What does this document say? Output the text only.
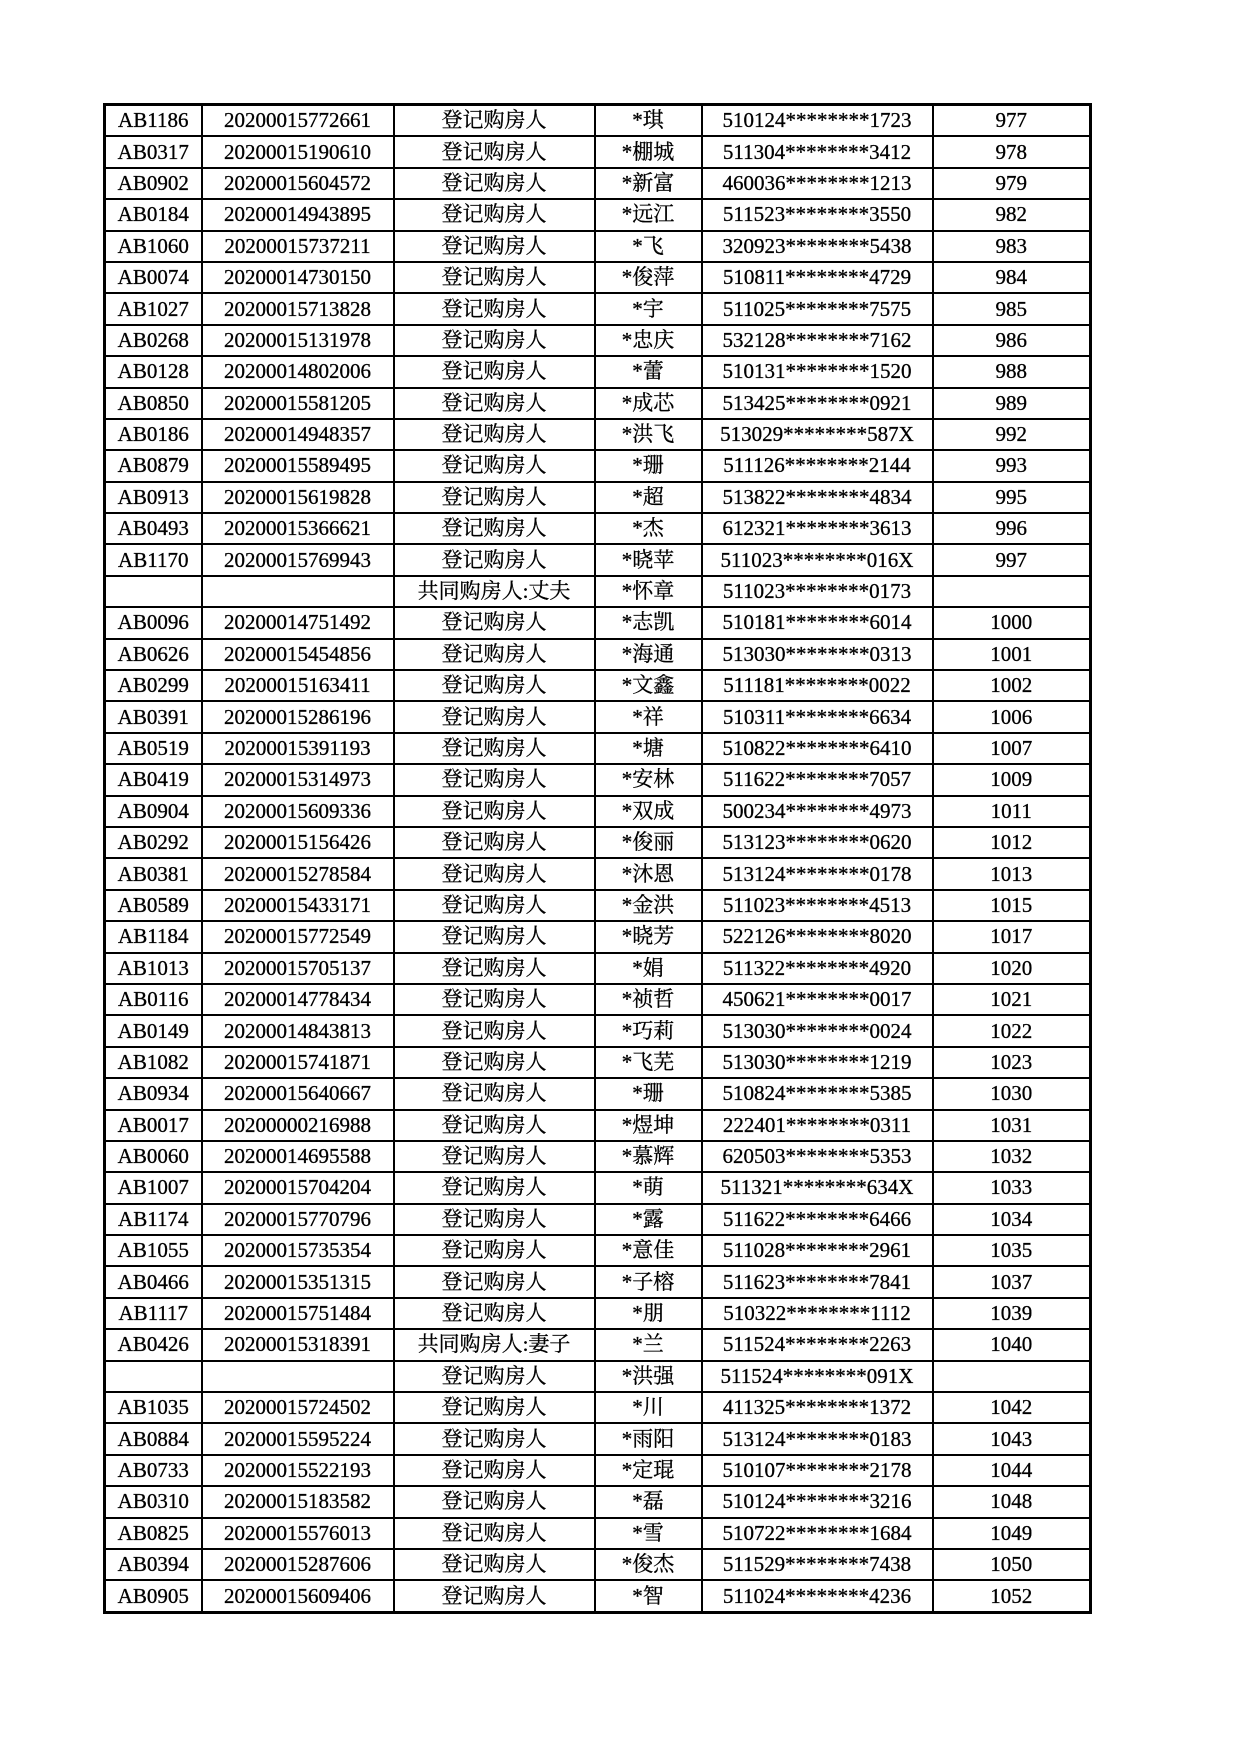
AB1186	20200015772661	登记购房人	*琪	510124********1723	977
AB0317	20200015190610	登记购房人	*棚城	511304********3412	978
AB0902	20200015604572	登记购房人	*新富	460036********1213	979
AB0184	20200014943895	登记购房人	*远江	511523********3550	982
AB1060	20200015737211	登记购房人	*飞	320923********5438	983
AB0074	20200014730150	登记购房人	*俊萍	510811********4729	984
AB1027	20200015713828	登记购房人	*宇	511025********7575	985
AB0268	20200015131978	登记购房人	*忠庆	532128********7162	986
AB0128	20200014802006	登记购房人	*蕾	510131********1520	988
AB0850	20200015581205	登记购房人	*成芯	513425********0921	989
AB0186	20200014948357	登记购房人	*洪飞	513029********587X	992
AB0879	20200015589495	登记购房人	*珊	511126********2144	993
AB0913	20200015619828	登记购房人	*超	513822********4834	995
AB0493	20200015366621	登记购房人	*杰	612321********3613	996
AB1170	20200015769943	登记购房人	*晓苹	511023********016X	997
		共同购房人:丈夫	*怀章	511023********0173	
AB0096	20200014751492	登记购房人	*志凯	510181********6014	1000
AB0626	20200015454856	登记购房人	*海通	513030********0313	1001
AB0299	20200015163411	登记购房人	*文鑫	511181********0022	1002
AB0391	20200015286196	登记购房人	*祥	510311********6634	1006
AB0519	20200015391193	登记购房人	*塘	510822********6410	1007
AB0419	20200015314973	登记购房人	*安林	511622********7057	1009
AB0904	20200015609336	登记购房人	*双成	500234********4973	1011
AB0292	20200015156426	登记购房人	*俊丽	513123********0620	1012
AB0381	20200015278584	登记购房人	*沐恩	513124********0178	1013
AB0589	20200015433171	登记购房人	*金洪	511023********4513	1015
AB1184	20200015772549	登记购房人	*晓芳	522126********8020	1017
AB1013	20200015705137	登记购房人	*娟	511322********4920	1020
AB0116	20200014778434	登记购房人	*祯哲	450621********0017	1021
AB0149	20200014843813	登记购房人	*巧莉	513030********0024	1022
AB1082	20200015741871	登记购房人	*飞芜	513030********1219	1023
AB0934	20200015640667	登记购房人	*珊	510824********5385	1030
AB0017	20200000216988	登记购房人	*煜坤	222401********0311	1031
AB0060	20200014695588	登记购房人	*慕辉	620503********5353	1032
AB1007	20200015704204	登记购房人	*萌	511321********634X	1033
AB1174	20200015770796	登记购房人	*露	511622********6466	1034
AB1055	20200015735354	登记购房人	*意佳	511028********2961	1035
AB0466	20200015351315	登记购房人	*子榕	511623********7841	1037
AB1117	20200015751484	登记购房人	*朋	510322********1112	1039
AB0426	20200015318391	共同购房人:妻子	*兰	511524********2263	1040
		登记购房人	*洪强	511524********091X	
AB1035	20200015724502	登记购房人	*川	411325********1372	1042
AB0884	20200015595224	登记购房人	*雨阳	513124********0183	1043
AB0733	20200015522193	登记购房人	*定琨	510107********2178	1044
AB0310	20200015183582	登记购房人	*磊	510124********3216	1048
AB0825	20200015576013	登记购房人	*雪	510722********1684	1049
AB0394	20200015287606	登记购房人	*俊杰	511529********7438	1050
AB0905	20200015609406	登记购房人	*智	511024********4236	1052
